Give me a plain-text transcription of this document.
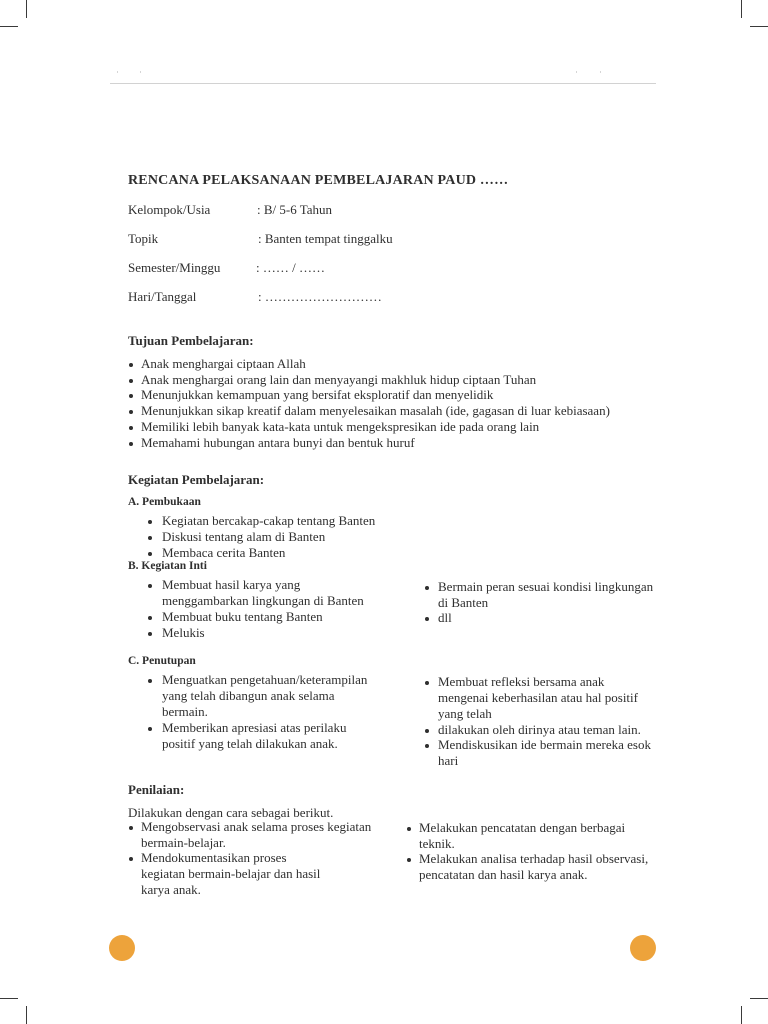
RENCANA PELAKSANAAN PEMBELAJARAN PAUD ……
Kelompok/Usia	: B/ 5-6 Tahun
Topik	: Banten tempat tinggalku
Semester/Minggu	: …… / ……
Hari/Tanggal	: ………………………
Tujuan Pembelajaran:
Anak menghargai ciptaan Allah
Anak menghargai orang lain dan menyayangi makhluk hidup ciptaan Tuhan
Menunjukkan kemampuan yang bersifat eksploratif dan menyelidik
Menunjukkan sikap kreatif dalam menyelesaikan masalah (ide, gagasan di luar kebiasaan)
Memiliki lebih banyak kata-kata untuk mengekspresikan ide pada orang lain
Memahami hubungan antara bunyi dan bentuk huruf
Kegiatan Pembelajaran:
A. Pembukaan
Kegiatan bercakap-cakap tentang Banten
Diskusi tentang alam di Banten
Membaca cerita Banten
B. Kegiatan Inti
Membuat hasil karya yang
menggambarkan lingkungan di Banten
Membuat buku tentang Banten
Melukis
Bermain peran sesuai kondisi lingkungan
di Banten
dll
C. Penutupan
Menguatkan pengetahuan/keterampilan
yang telah dibangun anak selama
bermain.
Memberikan apresiasi atas perilaku
positif yang telah dilakukan anak.
Membuat refleksi bersama anak
mengenai keberhasilan atau hal positif
yang telah
dilakukan oleh dirinya atau teman lain.
Mendiskusikan ide bermain mereka esok
hari
Penilaian:
Dilakukan dengan cara sebagai berikut.
Mengobservasi anak selama proses kegiatan
bermain-belajar.
Mendokumentasikan proses
kegiatan bermain-belajar dan hasil
karya anak.
Melakukan pencatatan dengan berbagai
teknik.
Melakukan analisa terhadap hasil observasi,
pencatatan dan hasil karya anak.
